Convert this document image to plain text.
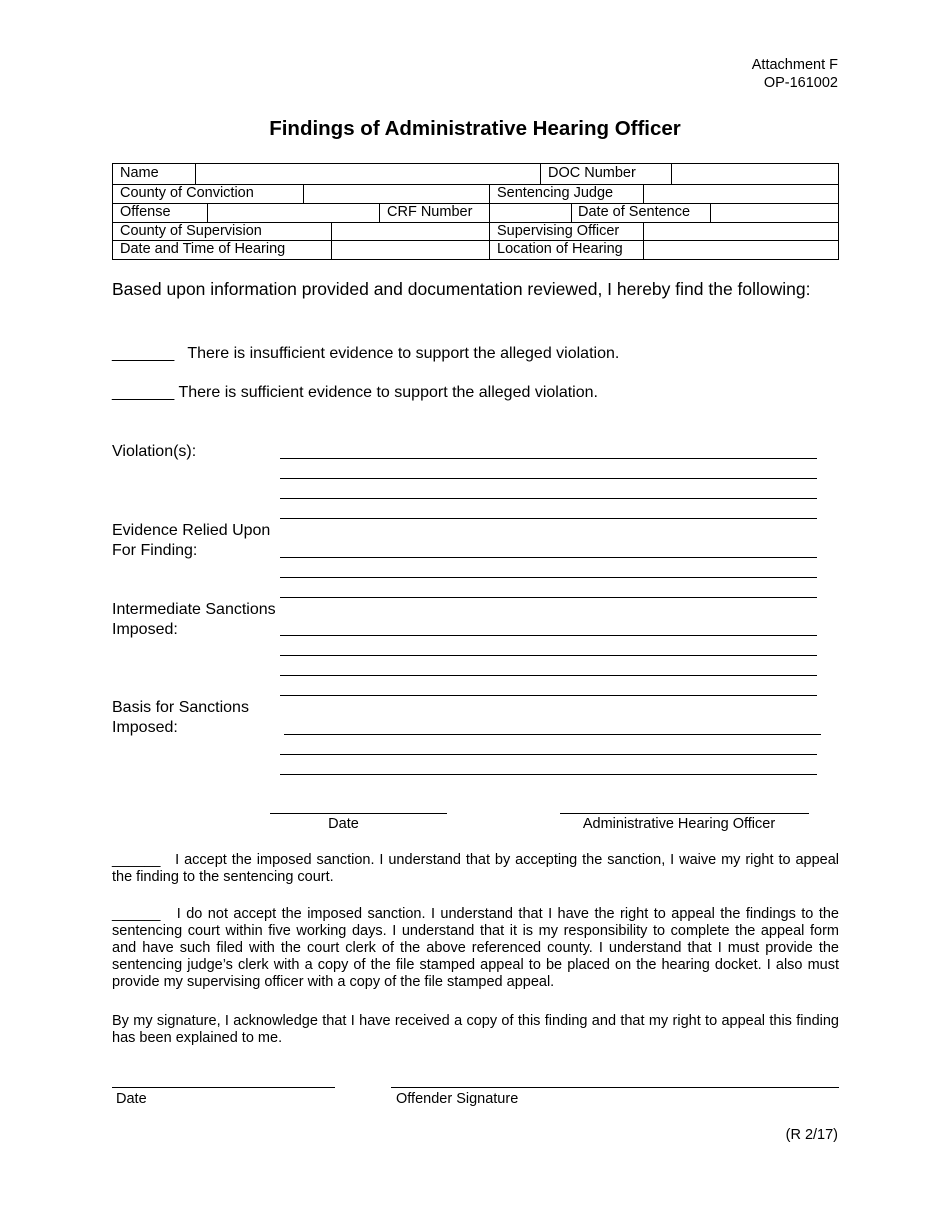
Attachment F
OP-161002
Findings of Administrative Hearing Officer
Name	DOC Number
County of Conviction	Sentencing Judge
Offense	CRF Number	Date of Sentence
County of Supervision	Supervising Officer
Date and Time of Hearing	Location of Hearing
Based upon information provided and documentation reviewed, I hereby find the following:
_______ There is insufficient evidence to support the alleged violation.
_______ There is sufficient evidence to support the alleged violation.
Violation(s):
Evidence Relied Upon
For Finding:
Intermediate Sanctions
Imposed:
Basis for Sanctions
Imposed:
Date	Administrative Hearing Officer
______ I accept the imposed sanction. I understand that by accepting the sanction, I waive my right to appeal the finding to the sentencing court.
______ I do not accept the imposed sanction. I understand that I have the right to appeal the findings to the sentencing court within five working days. I understand that it is my responsibility to complete the appeal form and have such filed with the court clerk of the above referenced county. I understand that I must provide the sentencing judge’s clerk with a copy of the file stamped appeal to be placed on the hearing docket. I also must provide my supervising officer with a copy of the file stamped appeal.
By my signature, I acknowledge that I have received a copy of this finding and that my right to appeal this finding has been explained to me.
Date	Offender Signature
(R 2/17)
